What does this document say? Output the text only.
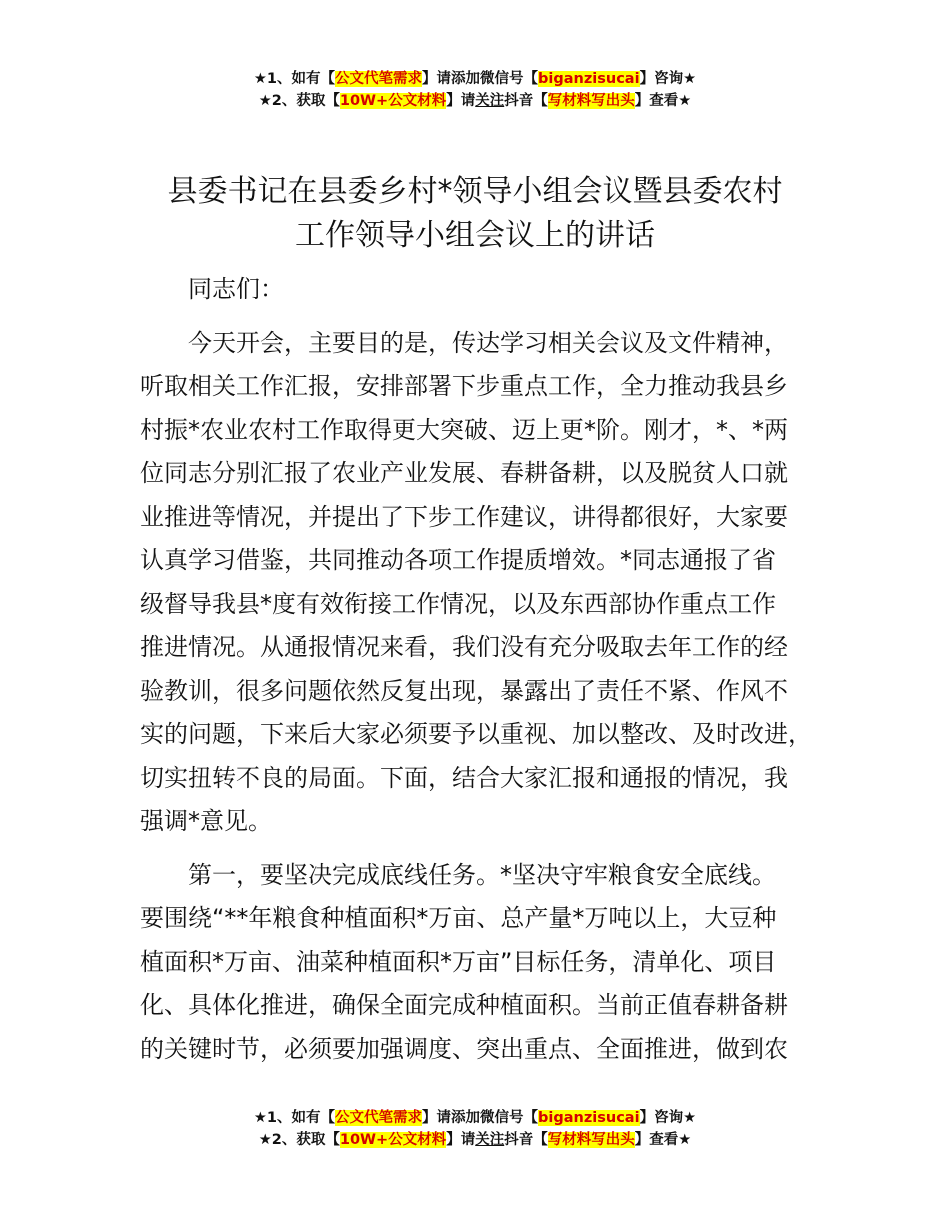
★1、如有【公文代笔需求】请添加微信号【biganzisucai】咨询★
★2、获取【10W+公文材料】请关注抖音【写材料写出头】查看★
县委书记在县委乡村*领导小组会议暨县委农村
工作领导小组会议上的讲话

同志们：

今天开会，主要目的是，传达学习相关会议及文件精神，
听取相关工作汇报，安排部署下步重点工作，全力推动我县乡
村振*农业农村工作取得更大突破、迈上更*阶。刚才，*、*两
位同志分别汇报了农业产业发展、春耕备耕，以及脱贫人口就
业推进等情况，并提出了下步工作建议，讲得都很好，大家要
认真学习借鉴，共同推动各项工作提质增效。*同志通报了省
级督导我县*度有效衔接工作情况，以及东西部协作重点工作
推进情况。从通报情况来看，我们没有充分吸取去年工作的经
验教训，很多问题依然反复出现，暴露出了责任不紧、作风不
实的问题，下来后大家必须要予以重视、加以整改、及时改进，
切实扭转不良的局面。下面，结合大家汇报和通报的情况，我
强调*意见。

第一，要坚决完成底线任务。*坚决守牢粮食安全底线。
要围绕“**年粮食种植面积*万亩、总产量*万吨以上，大豆种
植面积*万亩、油菜种植面积*万亩”目标任务，清单化、项目
化、具体化推进，确保全面完成种植面积。当前正值春耕备耕
的关键时节，必须要加强调度、突出重点、全面推进，做到农

★1、如有【公文代笔需求】请添加微信号【biganzisucai】咨询★
★2、获取【10W+公文材料】请关注抖音【写材料写出头】查看★
